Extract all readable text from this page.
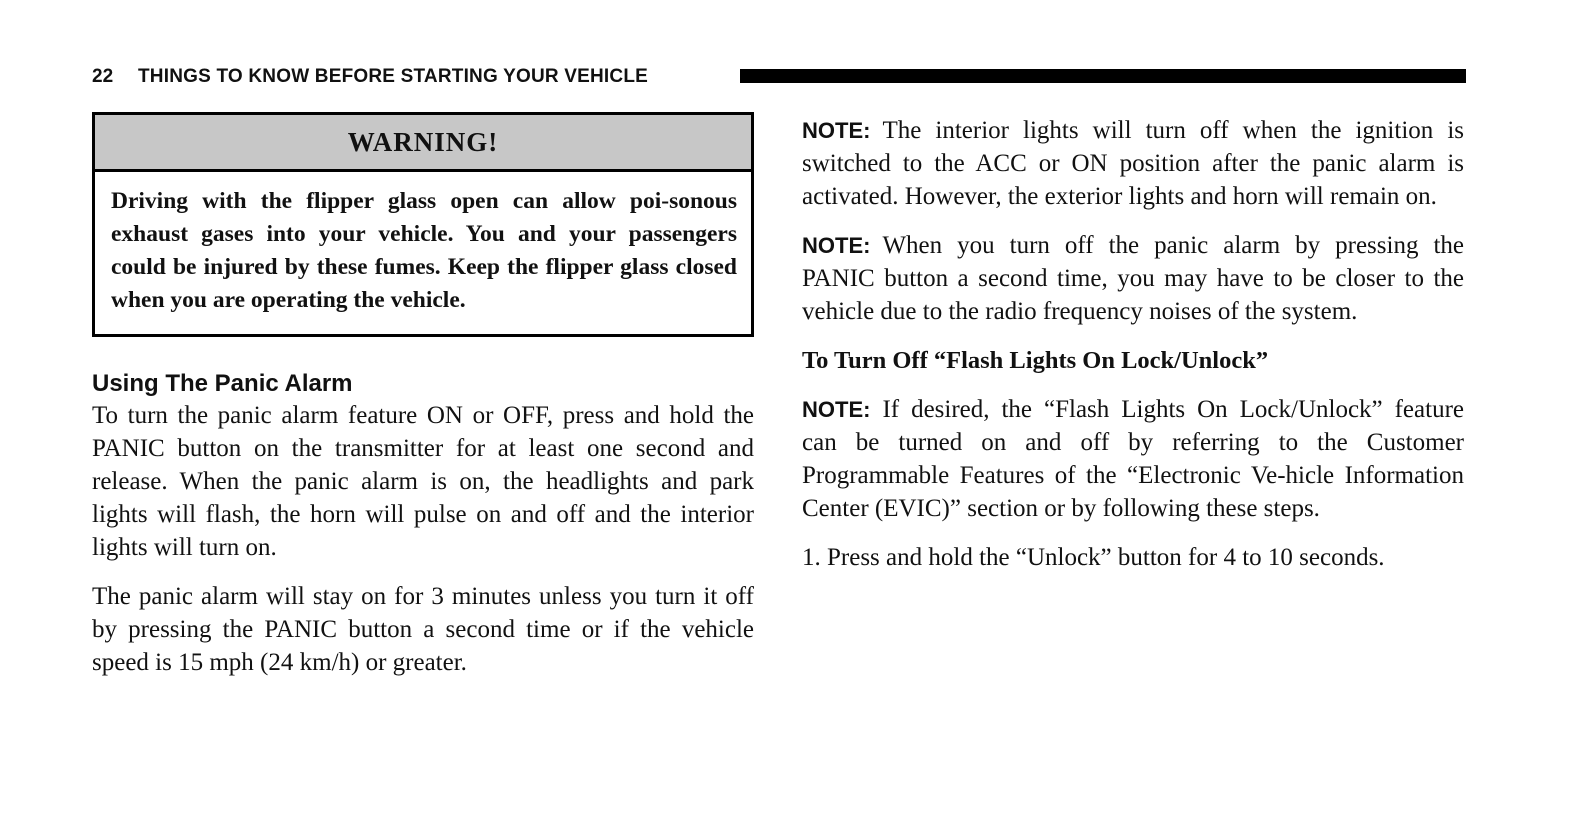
22 THINGS TO KNOW BEFORE STARTING YOUR VEHICLE
WARNING!
Driving with the flipper glass open can allow poi-sonous exhaust gases into your vehicle. You and your passengers could be injured by these fumes. Keep the flipper glass closed when you are operating the vehicle.
Using The Panic Alarm

To turn the panic alarm feature ON or OFF, press and hold the PANIC button on the transmitter for at least one second and release. When the panic alarm is on, the headlights and park lights will flash, the horn will pulse on and off and the interior lights will turn on.

The panic alarm will stay on for 3 minutes unless you turn it off by pressing the PANIC button a second time or if the vehicle speed is 15 mph (24 km/h) or greater.

NOTE: The interior lights will turn off when the ignition is switched to the ACC or ON position after the panic alarm is activated. However, the exterior lights and horn will remain on.

NOTE: When you turn off the panic alarm by pressing the PANIC button a second time, you may have to be closer to the vehicle due to the radio frequency noises of the system.

To Turn Off “Flash Lights On Lock/Unlock”

NOTE: If desired, the “Flash Lights On Lock/Unlock” feature can be turned on and off by referring to the Customer Programmable Features of the “Electronic Ve-hicle Information Center (EVIC)” section or by following these steps.

1. Press and hold the “Unlock” button for 4 to 10 seconds.
